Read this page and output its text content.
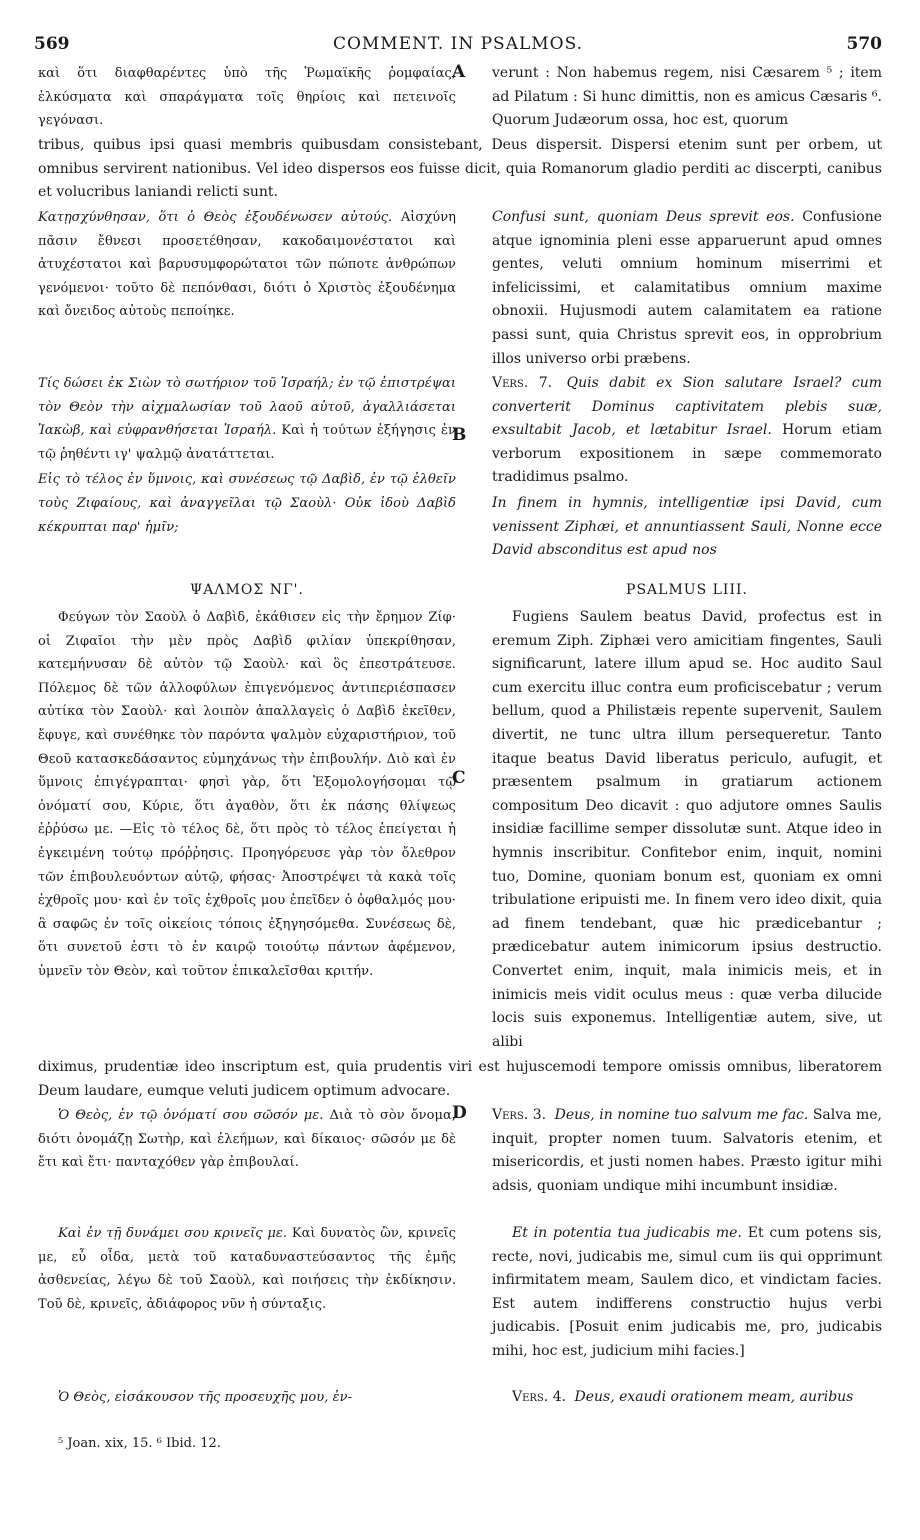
569	COMMENT. IN PSALMOS.	570

καὶ ὅτι διαφθαρέντες ὑπὸ τῆς Ῥωμαϊκῆς ῥομφαίας, ἑλκύσματα καὶ σπαράγματα τοῖς θηρίοις καὶ πετεινοῖς γεγόνασι.

verunt : Non habemus regem, nisi Cæsarem ⁵ ; item ad Pilatum : Si hunc dimittis, non es amicus Cæsaris ⁶. Quorum Judæorum ossa, hoc est, quorum

tribus, quibus ipsi quasi membris quibusdam consistebant, Deus dispersit. Dispersi etenim sunt per orbem, ut omnibus servirent nationibus. Vel ideo dispersos eos fuisse dicit, quia Romanorum gladio perditi ac discerpti, canibus et volucribus laniandi relicti sunt.

Κατῃσχύνθησαν, ὅτι ὁ Θεὸς ἐξουδένωσεν αὐτούς. Αἰσχύνη πᾶσιν ἔθνεσι προσετέθησαν, κακοδαιμονέστατοι καὶ ἀτυχέστατοι καὶ βαρυσυμφορώτατοι τῶν πώποτε ἀνθρώπων γενόμενοι· τοῦτο δὲ πεπόνθασι, διότι ὁ Χριστὸς ἐξουδένημα καὶ ὄνειδος αὐτοὺς πεποίηκε.
Confusi sunt, quoniam Deus sprevit eos. Confusione atque ignominia pleni esse apparuerunt apud omnes gentes, veluti omnium hominum miserrimi et infelicissimi, et calamitatibus omnium maxime obnoxii. Hujusmodi autem calamitatem ea ratione passi sunt, quia Christus sprevit eos, in opprobrium illos universo orbi præbens.
Τίς δώσει ἐκ Σιὼν τὸ σωτήριον τοῦ Ἰσραήλ; ἐν τῷ ἐπιστρέψαι τὸν Θεὸν τὴν αἰχμαλωσίαν τοῦ λαοῦ αὐτοῦ, ἀγαλλιάσεται Ἰακὼβ, καὶ εὐφρανθήσεται Ἰσραήλ. Καὶ ἡ τούτων ἐξήγησις ἐν τῷ ῥηθέντι ιγ' ψαλμῷ ἀνατάττεται.
Εἰς τὸ τέλος ἐν ὕμνοις, καὶ συνέσεως τῷ Δαβὶδ, ἐν τῷ ἐλθεῖν τοὺς Ζιφαίους, καὶ ἀναγγεῖλαι τῷ Σαοὺλ· Οὐκ ἰδοὺ Δαβὶδ κέκρυπται παρ' ἡμῖν;
Vers. 7. Quis dabit ex Sion salutare Israel? cum converterit Dominus captivitatem plebis suæ, exsultabit Jacob, et lætabitur Israel. Horum etiam verborum expositionem in sæpe commemorato tradidimus psalmo.
In finem in hymnis, intelligentiæ ipsi David, cum venissent Ziphæi, et annuntiassent Sauli, Nonne ecce David absconditus est apud nos
ΨΑΛΜΟΣ ΝΓ'.	PSALMUS LIII.

Φεύγων τὸν Σαοὺλ ὁ Δαβὶδ, ἐκάθισεν εἰς τὴν ἔρημον Ζίφ· οἱ Ζιφαῖοι τὴν μὲν πρὸς Δαβὶδ φιλίαν ὑπεκρίθησαν, κατεμήνυσαν δὲ αὐτὸν τῷ Σαοὺλ· καὶ ὃς ἐπεστράτευσε. Πόλεμος δὲ τῶν ἀλλοφύλων ἐπιγενόμενος ἀντιπεριέσπασεν αὐτίκα τὸν Σαοὺλ· καὶ λοιπὸν ἀπαλλαγεὶς ὁ Δαβὶδ ἐκεῖθεν, ἔφυγε, καὶ συνέθηκε τὸν παρόντα ψαλμὸν εὐχαριστήριον, τοῦ Θεοῦ κατασκεδάσαντος εὐμηχάνως τὴν ἐπιβουλήν. Διὸ καὶ ἐν ὕμνοις ἐπιγέγραπται· φησὶ γὰρ, ὅτι Ἐξομολογήσομαι τῷ ὀνόματί σου, Κύριε, ὅτι ἀγαθὸν, ὅτι ἐκ πάσης θλίψεως ἐῤῥύσω με. —Εἰς τὸ τέλος δὲ, ὅτι πρὸς τὸ τέλος ἐπείγεται ἡ ἐγκειμένη τούτῳ πρόῤῥησις. Προηγόρευσε γὰρ τὸν ὄλεθρον τῶν ἐπιβουλευόντων αὐτῷ, φήσας· Ἀποστρέψει τὰ κακὰ τοῖς ἐχθροῖς μου· καὶ ἐν τοῖς ἐχθροῖς μου ἐπεῖδεν ὁ ὀφθαλμός μου· ἃ σαφῶς ἐν τοῖς οἰκείοις τόποις ἐξηγησόμεθα. Συνέσεως δὲ, ὅτι συνετοῦ ἐστι τὸ ἐν καιρῷ τοιούτῳ πάντων ἀφέμενον, ὑμνεῖν τὸν Θεὸν, καὶ τοῦτον ἐπικαλεῖσθαι κριτήν.

Fugiens Saulem beatus David, profectus est in eremum Ziph. Ziphæi vero amicitiam fingentes, Sauli significarunt, latere illum apud se. Hoc audito Saul cum exercitu illuc contra eum proficiscebatur ; verum bellum, quod a Philistæis repente supervenit, Saulem divertit, ne tunc ultra illum persequeretur. Tanto itaque beatus David liberatus periculo, aufugit, et præsentem psalmum in gratiarum actionem compositum Deo dicavit : quo adjutore omnes Saulis insidiæ facillime semper dissolutæ sunt. Atque ideo in hymnis inscribitur. Confitebor enim, inquit, nomini tuo, Domine, quoniam bonum est, quoniam ex omni tribulatione eripuisti me. In finem vero ideo dixit, quia ad finem tendebant, quæ hic prædicebantur ; prædicebatur autem inimicorum ipsius destructio. Convertet enim, inquit, mala inimicis meis, et in inimicis meis vidit oculus meus : quæ verba dilucide locis suis exponemus. Intelligentiæ autem, sive, ut alibi

diximus, prudentiæ ideo inscriptum est, quia prudentis viri est hujuscemodi tempore omissis omnibus, liberatorem Deum laudare, eumque veluti judicem optimum advocare.

Ὁ Θεὸς, ἐν τῷ ὀνόματί σου σῶσόν με. Διὰ τὸ σὸν ὄνομα, διότι ὀνομάζῃ Σωτὴρ, καὶ ἐλεήμων, καὶ δίκαιος· σῶσόν με δὲ ἔτι καὶ ἔτι· πανταχόθεν γὰρ ἐπιβουλαί.
Vers. 3. Deus, in nomine tuo salvum me fac. Salva me, inquit, propter nomen tuum. Salvatoris etenim, et misericordis, et justi nomen habes. Præsto igitur mihi adsis, quoniam undique mihi incumbunt insidiæ.
Καὶ ἐν τῇ δυνάμει σου κρινεῖς με. Καὶ δυνατὸς ὢν, κρινεῖς με, εὖ οἶδα, μετὰ τοῦ καταδυναστεύσαντος τῆς ἐμῆς ἀσθενείας, λέγω δὲ τοῦ Σαοὺλ, καὶ ποιήσεις τὴν ἐκδίκησιν. Τοῦ δὲ, κρινεῖς, ἀδιάφορος νῦν ἡ σύνταξις.
Et in potentia tua judicabis me. Et cum potens sis, recte, novi, judicabis me, simul cum iis qui opprimunt infirmitatem meam, Saulem dico, et vindictam facies. Est autem indifferens constructio hujus verbi judicabis. [Posuit enim judicabis me, pro, judicabis mihi, hoc est, judicium mihi facies.]
Ὁ Θεὸς, εἰσάκουσον τῆς προσευχῆς μου, ἐν-	Vers. 4. Deus, exaudi orationem meam, auribus
A
B
C
D
⁵ Joan. xix, 15. ⁶ Ibid. 12.
